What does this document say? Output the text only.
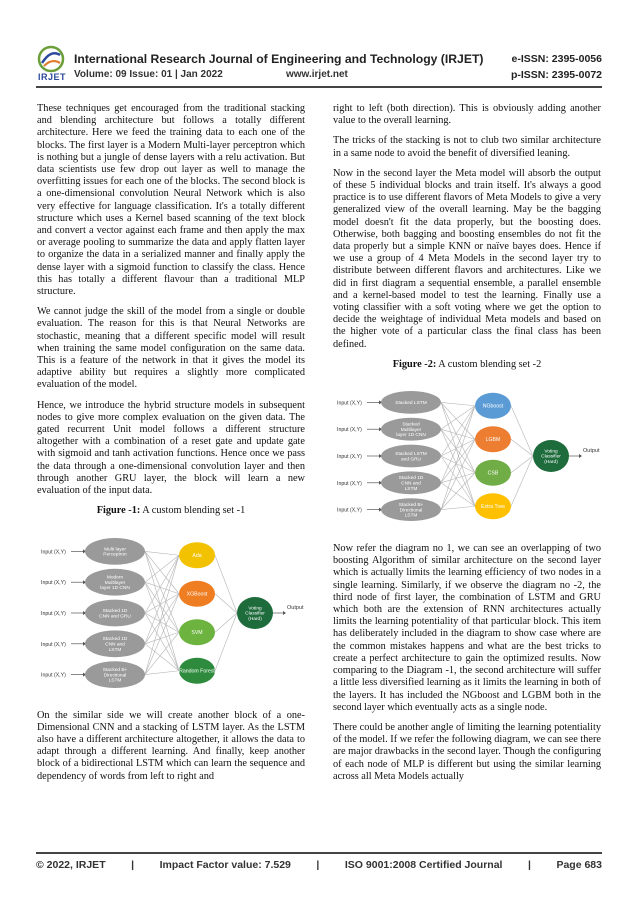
IRJET
International Research Journal of Engineering and Technology (IRJET)
Volume: 09 Issue: 01 | Jan 2022	www.irjet.net
e-ISSN: 2395-0056
p-ISSN: 2395-0072

These techniques get encouraged from the traditional stacking and blending architecture but follows a totally different architecture. Here we feed the training data to each one of the blocks. The first layer is a Modern Multi-layer perceptron which is nothing but a jungle of dense layers with a relu activation. But data scientists use few drop out layer as well to manage the overfitting issues for each one of the blocks. The second block is a one-dimensional convolution Neural Network which is also very effective for language classification. It's a totally different structure which uses a Kernel based scanning of the text block and convert a vector against each frame and then apply the max or average pooling to summarize the data and apply flatten layer to organize the data in a serialized manner and finally apply the dense layer with a sigmoid function to classify the class. Hence this has totally a different flavour than a traditional MLP structure.

We cannot judge the skill of the model from a single or double evaluation. The reason for this is that Neural Networks are stochastic, meaning that a different specific model will result when training the same model configuration on the same data. This is a feature of the network in that it gives the model its adaptive ability but requires a slightly more complicated evaluation of the model.

Hence, we introduce the hybrid structure models in subsequent nodes to give more complex evaluation on the given data. The gated recurrent Unit model follows a different structure altogether with a combination of a reset gate and update gate with sigmoid and tanh activation functions. Hence once we pass the data through a one-dimensional convolution layer and then through another GRU layer, the block will learn a new evaluation of the input data.

Figure -1: A custom blending set -1
Input (X,Y)
Input (X,Y)
Input (X,Y)
Input (X,Y)
Input (X,Y)
Multi layer Perceptron
Modern Multilayer layer 1D CNN
Stacked 1D CNN and GRU
Stacked 1D CNN and LSTM
Stacked Bi-Directional LSTM
Ada
XGBoost
SVM
Random Forest
Voting Classifier (Hard)
Output

On the similar side we will create another block of a one-Dimensional CNN and a stacking of LSTM layer. As the LSTM also have a different architecture altogether, it allows the data to adapt through a different learning. And finally, keep another block of a bidirectional LSTM which can learn the sequence and dependency of words from left to right and

right to left (both direction). This is obviously adding another value to the overall learning.

The tricks of the stacking is not to club two similar architecture in a same node to avoid the benefit of diversified leaning.

Now in the second layer the Meta model will absorb the output of these 5 individual blocks and train itself. It's always a good practice is to use different flavors of Meta Models to give a very generalized view of the overall learning. May be the bagging model doesn't fit the data properly, but the boosting does. Otherwise, both bagging and boosting ensembles do not fit the data properly but a simple KNN or naïve bayes does. Hence if we use a group of 4 Meta Models in the second layer try to distribute between different flavors and architectures. Like we did in first diagram a sequential ensemble, a parallel ensemble and a kernel-based model to test the learning. Finally use a voting classifier with a soft voting where we get the option to decide the weightage of individual Meta models and based on the higher vote of a particular class the final class has been defined.

Figure -2: A custom blending set -2
Input (X,Y)
Input (X,Y)
Input (X,Y)
Input (X,Y)
Input (X,Y)
Stacked LSTM
Stacked Multilayer layer 1D CNN
Stacked LSTM and GRU
Stacked 1D CNN and LSTM
Stacked Bi-Directional LSTM
NGboost
LGBM
CSB
Extra Tree
Voting Classifier (Hard)
Output

Now refer the diagram no 1, we can see an overlapping of two boosting Algorithm of similar architecture on the second layer which is actually limits the learning efficiency of two nodes in a single learning. Similarly, if we observe the diagram no -2, the third node of first layer, the combination of LSTM and GRU which both are the extension of RNN architectures actually limits the learning potentiality of that particular block. This item has deliberately included in the diagram to show case where are the common mistakes happens and what are the best tricks to create a perfect architecture to gain the optimized results. Now comparing to the Diagram -1, the second architecture will suffer a little less diversified learning as it limits the learning in both of the layers. It has included the NGboost and LGBM both in the second layer which eventually acts as a single node.

There could be another angle of limiting the learning potentiality of the model. If we refer the following diagram, we can see there are major drawbacks in the second layer. Though the configuring of each node of MLP is different but using the similar learning across all Meta Models actually

© 2022, IRJET | Impact Factor value: 7.529 | ISO 9001:2008 Certified Journal | Page 683
